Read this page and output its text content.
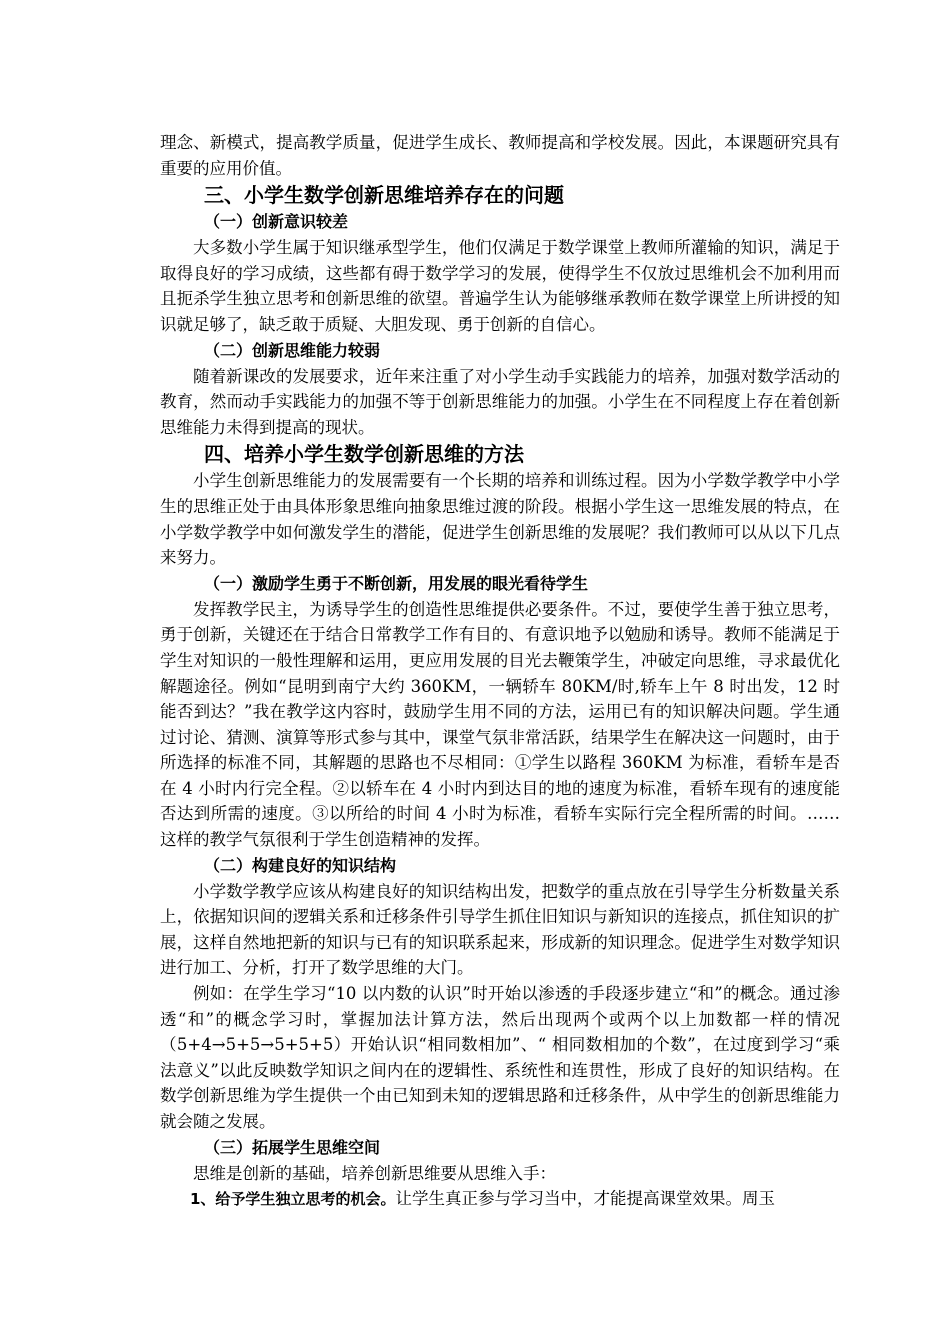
理念、新模式，提高教学质量，促进学生成长、教师提高和学校发展。因此，本课题研究具有重要的应用价值。

三、小学生数学创新思维培养存在的问题
（一）创新意识较差

大多数小学生属于知识继承型学生，他们仅满足于数学课堂上教师所灌输的知识，满足于取得良好的学习成绩，这些都有碍于数学学习的发展，使得学生不仅放过思维机会不加利用而且扼杀学生独立思考和创新思维的欲望。普遍学生认为能够继承教师在数学课堂上所讲授的知识就足够了，缺乏敢于质疑、大胆发现、勇于创新的自信心。

（二）创新思维能力较弱

随着新课改的发展要求，近年来注重了对小学生动手实践能力的培养，加强对数学活动的教育，然而动手实践能力的加强不等于创新思维能力的加强。小学生在不同程度上存在着创新思维能力未得到提高的现状。

四、培养小学生数学创新思维的方法

小学生创新思维能力的发展需要有一个长期的培养和训练过程。因为小学数学教学中小学生的思维正处于由具体形象思维向抽象思维过渡的阶段。根据小学生这一思维发展的特点，在小学数学教学中如何激发学生的潜能，促进学生创新思维的发展呢？我们教师可以从以下几点来努力。

（一）激励学生勇于不断创新，用发展的眼光看待学生

发挥教学民主，为诱导学生的创造性思维提供必要条件。不过，要使学生善于独立思考，勇于创新，关键还在于结合日常教学工作有目的、有意识地予以勉励和诱导。教师不能满足于学生对知识的一般性理解和运用，更应用发展的目光去鞭策学生，冲破定向思维，寻求最优化解题途径。例如“昆明到南宁大约 360KM，一辆轿车 80KM/时,轿车上午 8 时出发，12 时能否到达？”我在教学这内容时，鼓励学生用不同的方法，运用已有的知识解决问题。学生通过讨论、猜测、演算等形式参与其中，课堂气氛非常活跃，结果学生在解决这一问题时，由于所选择的标准不同，其解题的思路也不尽相同：①学生以路程 360KM 为标准，看轿车是否在 4 小时内行完全程。②以轿车在 4 小时内到达目的地的速度为标准，看轿车现有的速度能否达到所需的速度。③以所给的时间 4 小时为标准，看轿车实际行完全程所需的时间。……这样的教学气氛很利于学生创造精神的发挥。

（二）构建良好的知识结构

小学数学教学应该从构建良好的知识结构出发，把数学的重点放在引导学生分析数量关系上，依据知识间的逻辑关系和迁移条件引导学生抓住旧知识与新知识的连接点，抓住知识的扩展，这样自然地把新的知识与已有的知识联系起来，形成新的知识理念。促进学生对数学知识进行加工、分析，打开了数学思维的大门。

例如：在学生学习“10 以内数的认识”时开始以渗透的手段逐步建立“和”的概念。通过渗透“和”的概念学习时，掌握加法计算方法，然后出现两个或两个以上加数都一样的情况（5+4→5+5→5+5+5）开始认识“相同数相加”、“ 相同数相加的个数”，在过度到学习“乘法意义”以此反映数学知识之间内在的逻辑性、系统性和连贯性，形成了良好的知识结构。在数学创新思维为学生提供一个由已知到未知的逻辑思路和迁移条件，从中学生的创新思维能力就会随之发展。

（三）拓展学生思维空间

思维是创新的基础，培养创新思维要从思维入手：

1、给予学生独立思考的机会。让学生真正参与学习当中，才能提高课堂效果。周玉
